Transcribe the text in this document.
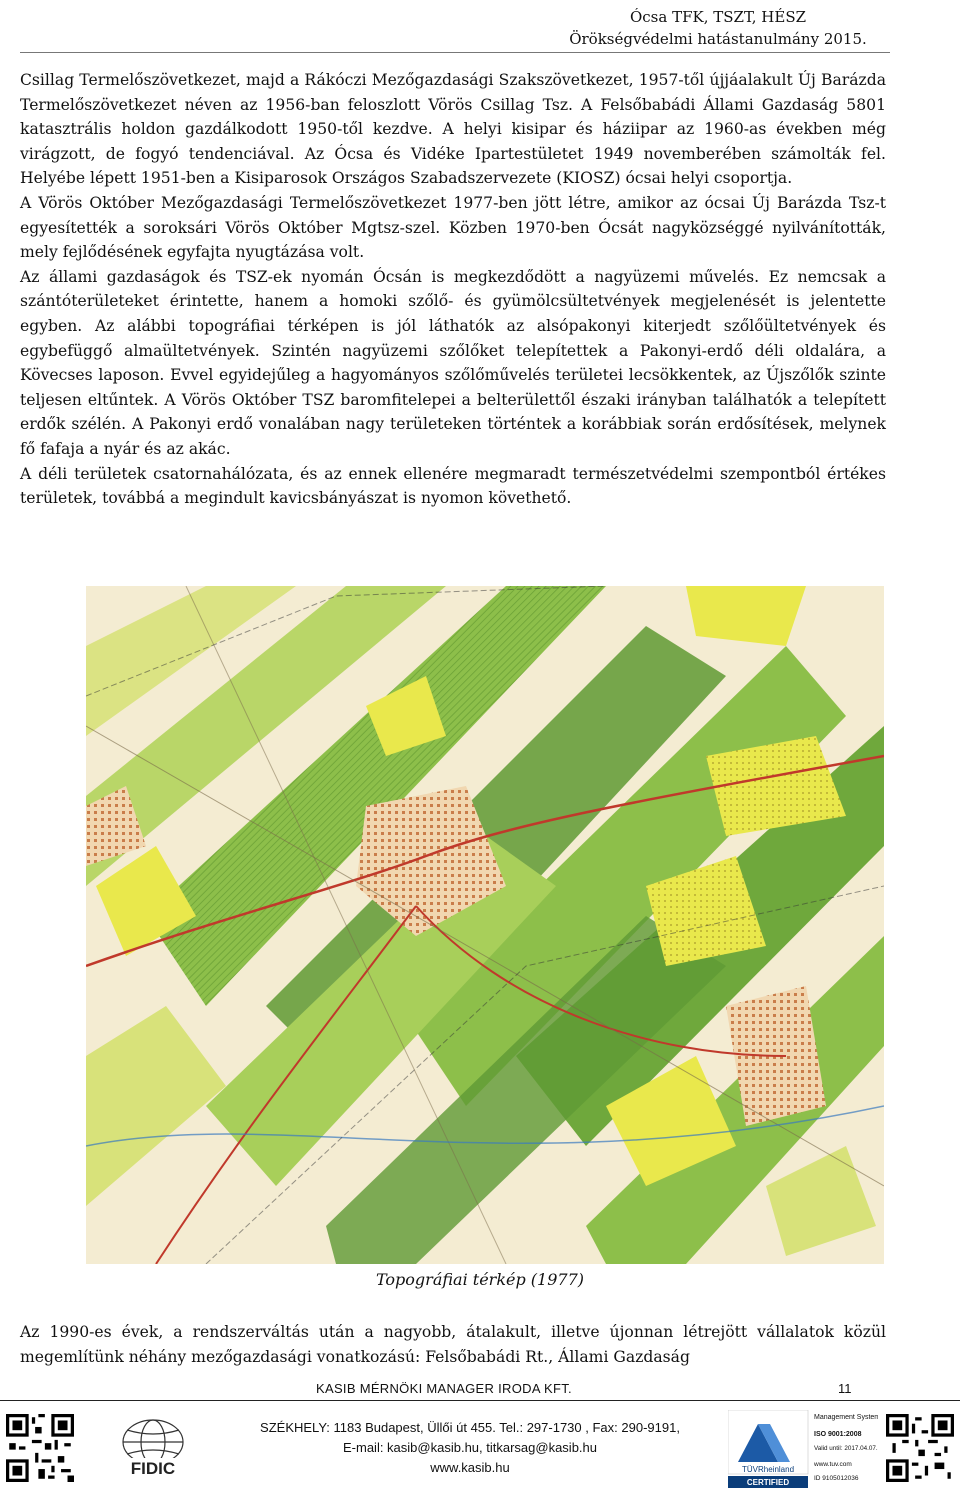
Ócsa TFK, TSZT, HÉSZ
Örökségvédelmi hatástanulmány 2015.

Csillag Termelőszövetkezet, majd a Rákóczi Mezőgazdasági Szakszövetkezet, 1957-től újjáalakult Új Barázda Termelőszövetkezet néven az 1956-ban feloszlott Vörös Csillag Tsz. A Felsőbabádi Állami Gazdaság 5801 katasztrális holdon gazdálkodott 1950-től kezdve. A helyi kisipar és háziipar az 1960-as években még virágzott, de fogyó tendenciával. Az Ócsa és Vidéke Ipartestületet 1949 novemberében számolták fel. Helyébe lépett 1951-ben a Kisiparosok Országos Szabadszervezete (KIOSZ) ócsai helyi csoportja.

A Vörös Október Mezőgazdasági Termelőszövetkezet 1977-ben jött létre, amikor az ócsai Új Barázda Tsz-t egyesítették a soroksári Vörös Október Mgtsz-szel. Közben 1970-ben Ócsát nagyközséggé nyilvánították, mely fejlődésének egyfajta nyugtázása volt.

Az állami gazdaságok és TSZ-ek nyomán Ócsán is megkezdődött a nagyüzemi művelés. Ez nemcsak a szántóterületeket érintette, hanem a homoki szőlő- és gyümölcsültetvények megjelenését is jelentette egyben. Az alábbi topográfiai térképen is jól láthatók az alsópakonyi kiterjedt szőlőültetvények és egybefüggő almaültetvények. Szintén nagyüzemi szőlőket telepítettek a Pakonyi-erdő déli oldalára, a Kövecses laposon. Evvel egyidejűleg a hagyományos szőlőművelés területei lecsökkentek, az Újszőlők szinte teljesen eltűntek. A Vörös Október TSZ baromfitelepei a belterülettől északi irányban találhatók a telepített erdők szélén. A Pakonyi erdő vonalában nagy területeken történtek a korábbiak során erdősítések, melynek fő fafaja a nyár és az akác.

A déli területek csatornahálózata, és az ennek ellenére megmaradt természetvédelmi szempontból értékes területek, továbbá a megindult kavicsbányászat is nyomon követhető.

Topográfiai térkép (1977)

Az 1990-es évek, a rendszerváltás után a nagyobb, átalakult, illetve újonnan létrejött vállalatok közül megemlítünk néhány mezőgazdasági vonatkozású: Felsőbabádi Rt., Állami Gazdaság

KASIB MÉRNÖKI MANAGER IRODA KFT.	11
SZÉKHELY: 1183 Budapest, Üllői út 455. Tel.: 297-1730 , Fax: 290-9191,
E-mail: kasib@kasib.hu, titkarsag@kasib.hu
www.kasib.hu
FIDIC	TÜVRheinland
CERTIFIED
Management System
ISO 9001:2008
Valid until: 2017.04.07.
www.tuv.com
ID 9105012036
